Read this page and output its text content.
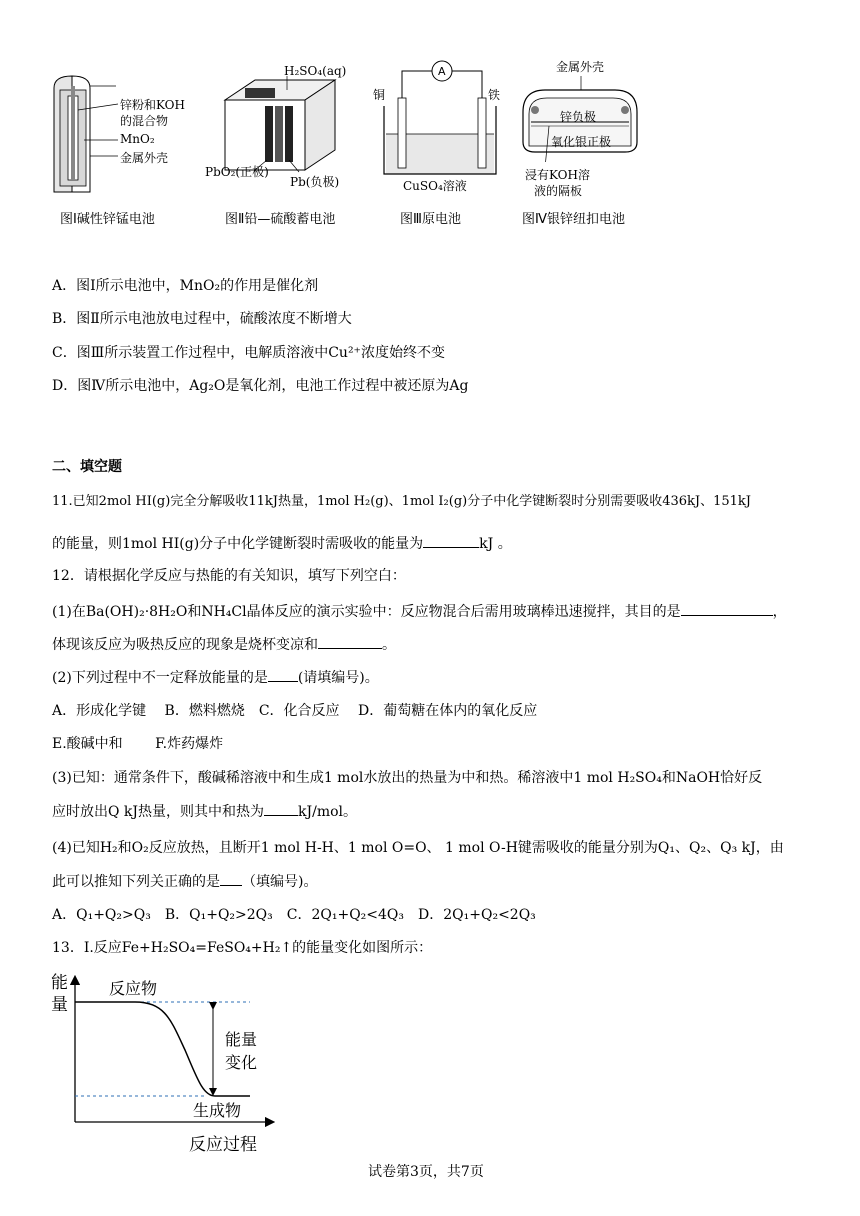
锌粉和KOH
的混合物
MnO₂
金属外壳
图Ⅰ碱性锌锰电池
H₂SO₄(aq)
PbO₂(正极)
Pb(负极)
图Ⅱ铅—硫酸蓄电池
A
铜	铁
CuSO₄溶液
图Ⅲ原电池
金属外壳
锌负极
氧化银正极
浸有KOH溶
液的隔板
图Ⅳ银锌纽扣电池
A．图Ⅰ所示电池中，MnO₂的作用是催化剂
B．图Ⅱ所示电池放电过程中，硫酸浓度不断增大
C．图Ⅲ所示装置工作过程中，电解质溶液中Cu²⁺浓度始终不变
D．图Ⅳ所示电池中，Ag₂O是氧化剂，电池工作过程中被还原为Ag
二、填空题
11.已知2mol HI(g)完全分解吸收11kJ热量，1mol H₂(g)、1mol I₂(g)分子中化学键断裂时分别需要吸收436kJ、151kJ
的能量，则1mol HI(g)分子中化学键断裂时需吸收的能量为	kJ 。
12．请根据化学反应与热能的有关知识，填写下列空白：
(1)在Ba(OH)₂·8H₂O和NH₄Cl晶体反应的演示实验中：反应物混合后需用玻璃棒迅速搅拌，其目的是	，
体现该反应为吸热反应的现象是烧杯变凉和	。
(2)下列过程中不一定释放能量的是 (请填编号)。
A．形成化学键　 B．燃料燃烧　C．化合反应　 D．葡萄糖在体内的氧化反应
E.酸碱中和　　 F.炸药爆炸
(3)已知：通常条件下，酸碱稀溶液中和生成1 mol水放出的热量为中和热。稀溶液中1 mol H₂SO₄和NaOH恰好反
应时放出Q kJ热量，则其中和热为 kJ/mol。
(4)已知H₂和O₂反应放热，且断开1 mol H-H、1 mol O=O、 1 mol O-H键需吸收的能量分别为Q₁、Q₂、Q₃ kJ，由
此可以推知下列关正确的是 （填编号)。
A．Q₁+Q₂>Q₃　B．Q₁+Q₂>2Q₃　C．2Q₁+Q₂<4Q₃　D．2Q₁+Q₂<2Q₃
13．I.反应Fe+H₂SO₄=FeSO₄+H₂↑的能量变化如图所示：
能
量
反应物
能量
变化
生成物
反应过程
试卷第3页，共7页
